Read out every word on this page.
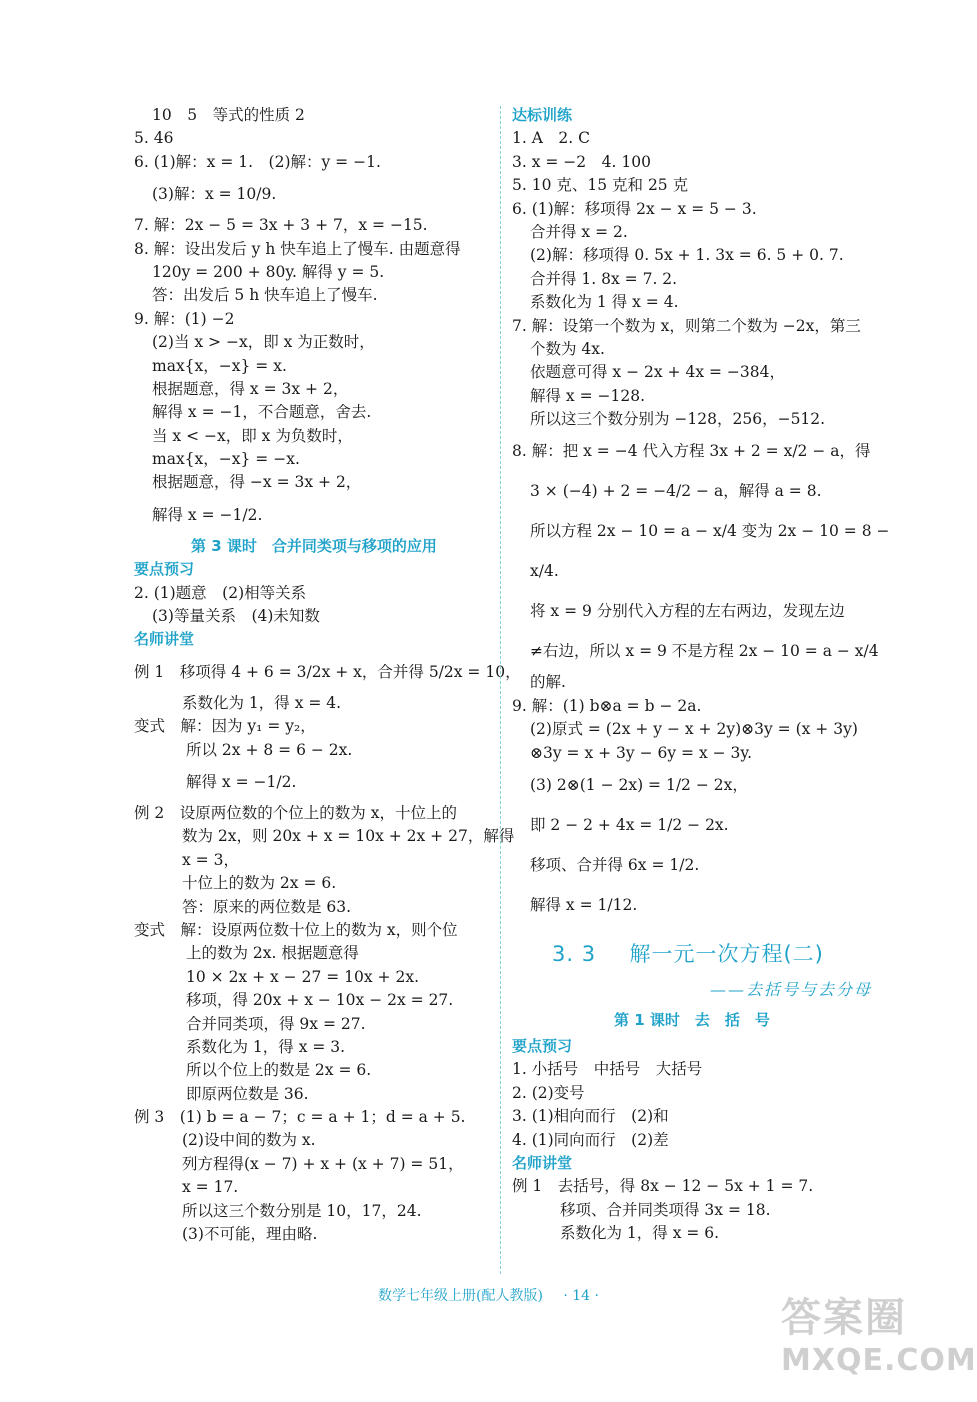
10　5　等式的性质 2
5. 46
6. (1)解：x = 1.　(2)解：y = −1.
(3)解：x = 10/9.
7. 解：2x − 5 = 3x + 3 + 7，x = −15.
8. 解：设出发后 y h 快车追上了慢车. 由题意得
120y = 200 + 80y. 解得 y = 5.
答：出发后 5 h 快车追上了慢车.
9. 解：(1) −2
(2)当 x > −x，即 x 为正数时，
max{x，−x} = x.
根据题意，得 x = 3x + 2，
解得 x = −1，不合题意，舍去.
当 x < −x，即 x 为负数时，
max{x，−x} = −x.
根据题意，得 −x = 3x + 2，
解得 x = −1/2.
第 3 课时　合并同类项与移项的应用
要点预习
2. (1)题意　(2)相等关系
(3)等量关系　(4)未知数
名师讲堂
例 1　移项得 4 + 6 = 3/2x + x，合并得 5/2x = 10，
系数化为 1，得 x = 4.
变式　解：因为 y₁ = y₂，
所以 2x + 8 = 6 − 2x.
解得 x = −1/2.
例 2　设原两位数的个位上的数为 x，十位上的
数为 2x，则 20x + x = 10x + 2x + 27，解得
x = 3，
十位上的数为 2x = 6.
答：原来的两位数是 63.
变式　解：设原两位数十位上的数为 x，则个位
上的数为 2x. 根据题意得
10 × 2x + x − 27 = 10x + 2x.
移项，得 20x + x − 10x − 2x = 27.
合并同类项，得 9x = 27.
系数化为 1，得 x = 3.
所以个位上的数是 2x = 6.
即原两位数是 36.
例 3　(1) b = a − 7；c = a + 1；d = a + 5.
(2)设中间的数为 x.
列方程得(x − 7) + x + (x + 7) = 51，
x = 17.
所以这三个数分别是 10，17，24.
(3)不可能，理由略.
达标训练
1. A　2. C
3. x = −2　4. 100
5. 10 克、15 克和 25 克
6. (1)解：移项得 2x − x = 5 − 3.
合并得 x = 2.
(2)解：移项得 0. 5x + 1. 3x = 6. 5 + 0. 7.
合并得 1. 8x = 7. 2.
系数化为 1 得 x = 4.
7. 解：设第一个数为 x，则第二个数为 −2x，第三
个数为 4x.
依题意可得 x − 2x + 4x = −384，
解得 x = −128.
所以这三个数分别为 −128，256，−512.
8. 解：把 x = −4 代入方程 3x + 2 = x/2 − a，得
3 × (−4) + 2 = −4/2 − a，解得 a = 8.
所以方程 2x − 10 = a − x/4 变为 2x − 10 = 8 −
x/4.
将 x = 9 分别代入方程的左右两边，发现左边
≠右边，所以 x = 9 不是方程 2x − 10 = a − x/4
的解.
9. 解：(1) b⊗a = b − 2a.
(2)原式 = (2x + y − x + 2y)⊗3y = (x + 3y)
⊗3y = x + 3y − 6y = x − 3y.
(3) 2⊗(1 − 2x) = 1/2 − 2x，
即 2 − 2 + 4x = 1/2 − 2x.
移项、合并得 6x = 1/2.
解得 x = 1/12.
3. 3 解一元一次方程(二)
——去括号与去分母
第 1 课时　去　括　号
要点预习
1. 小括号　中括号　大括号
2. (2)变号
3. (1)相向而行　(2)和
4. (1)同向而行　(2)差
名师讲堂
例 1　去括号，得 8x − 12 − 5x + 1 = 7.
移项、合并同类项得 3x = 18.
系数化为 1，得 x = 6.
数学七年级上册(配人教版) · 14 ·	答案圈
MXQE.COM
